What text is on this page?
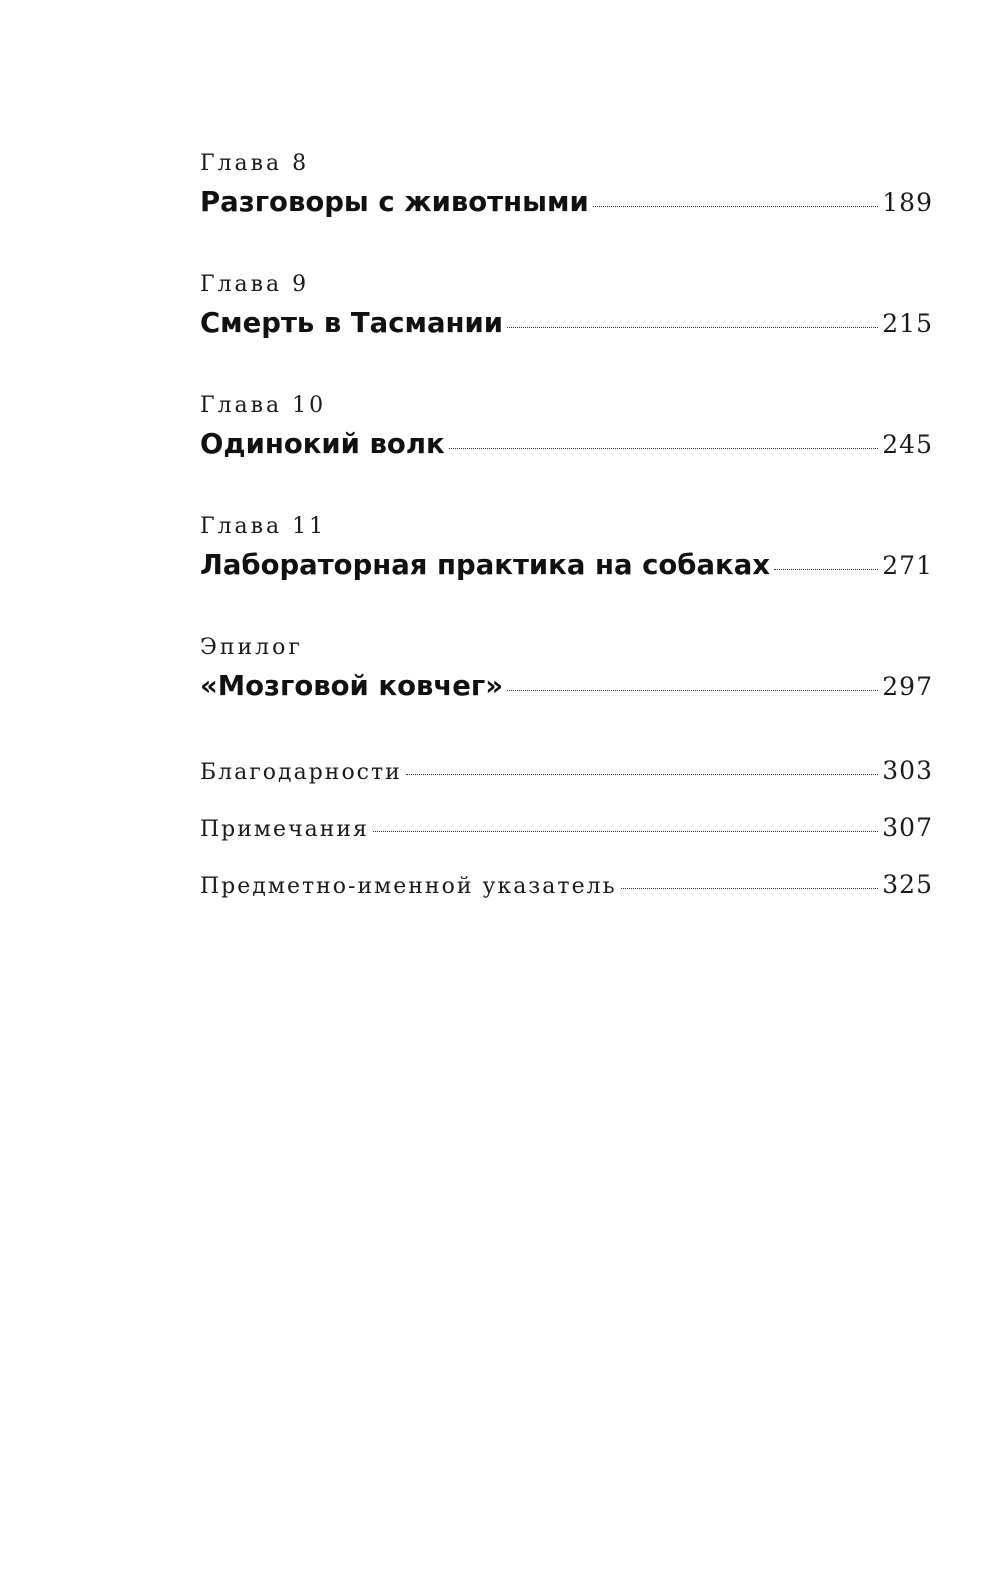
Глава 8
Разговоры с животными	189
Глава 9
Смерть в Тасмании	215
Глава 10
Одинокий волк	245
Глава 11
Лабораторная практика на собаках	271
Эпилог
«Мозговой ковчег»	297
Благодарности	303
Примечания	307
Предметно-именной указатель	325
